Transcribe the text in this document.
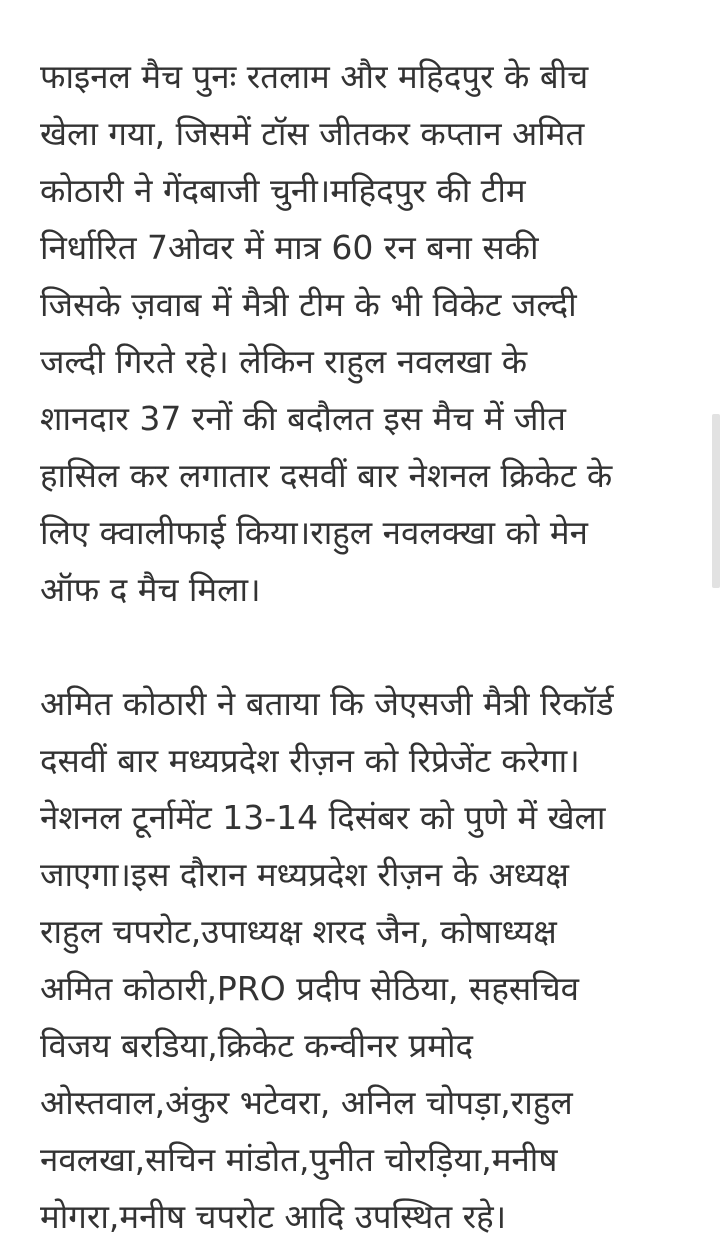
फाइनल मैच पुनः रतलाम और महिदपुर के बीच
खेला गया, जिसमें टॉस जीतकर कप्तान अमित
कोठारी ने गेंदबाजी चुनी।महिदपुर की टीम
निर्धारित 7ओवर में मात्र 60 रन बना सकी
जिसके ज़वाब में मैत्री टीम के भी विकेट जल्दी
जल्दी गिरते रहे। लेकिन राहुल नवलखा के
शानदार 37 रनों की बदौलत इस मैच में जीत
हासिल कर लगातार दसवीं बार नेशनल क्रिकेट के
लिए क्वालीफाई किया।राहुल नवलक्खा को मेन
ऑफ द मैच मिला।

अमित कोठारी ने बताया कि जेएसजी मैत्री रिकॉर्ड
दसवीं बार मध्यप्रदेश रीज़न को रिप्रेजेंट करेगा।
नेशनल टूर्नामेंट 13-14 दिसंबर को पुणे में खेला
जाएगा।इस दौरान मध्यप्रदेश रीज़न के अध्यक्ष
राहुल चपरोट,उपाध्यक्ष शरद जैन, कोषाध्यक्ष
अमित कोठारी,PRO प्रदीप सेठिया, सहसचिव
विजय बरडिया,क्रिकेट कन्वीनर प्रमोद
ओस्तवाल,अंकुर भटेवरा, अनिल चोपड़ा,राहुल
नवलखा,सचिन मांडोत,पुनीत चोरड़िया,मनीष
मोगरा,मनीष चपरोट आदि उपस्थित रहे।
